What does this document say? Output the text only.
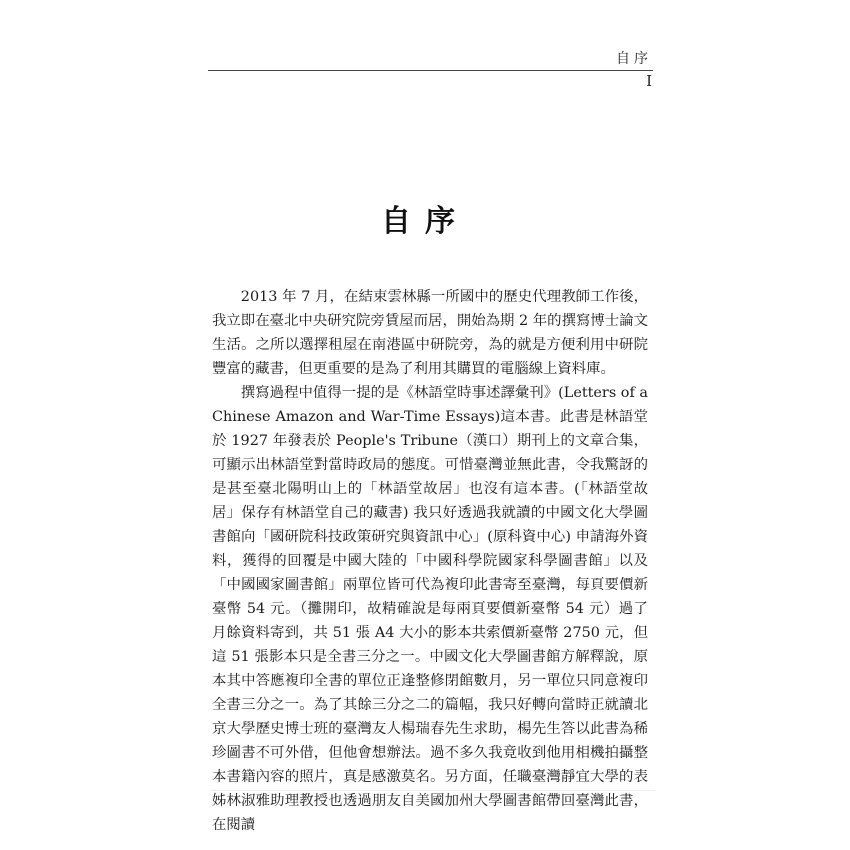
自序
I
自序

2013 年 7 月，在結束雲林縣一所國中的歷史代理教師工作後，我立即在臺北中央研究院旁賃屋而居，開始為期 2 年的撰寫博士論文生活。之所以選擇租屋在南港區中研院旁，為的就是方便利用中研院豐富的藏書，但更重要的是為了利用其購買的電腦線上資料庫。

撰寫過程中值得一提的是《林語堂時事述譯彙刊》(Letters of a Chinese Amazon and War-Time Essays)這本書。此書是林語堂於 1927 年發表於 People's Tribune（漢口）期刊上的文章合集，可顯示出林語堂對當時政局的態度。可惜臺灣並無此書，令我驚訝的是甚至臺北陽明山上的「林語堂故居」也沒有這本書。(「林語堂故居」保存有林語堂自己的藏書) 我只好透過我就讀的中國文化大學圖書館向「國研院科技政策研究與資訊中心」(原科資中心) 申請海外資料，獲得的回覆是中國大陸的「中國科學院國家科學圖書館」以及「中國國家圖書館」兩單位皆可代為複印此書寄至臺灣，每頁要價新臺幣 54 元。（攤開印，故精確說是每兩頁要價新臺幣 54 元）過了月餘資料寄到，共 51 張 A4 大小的影本共索價新臺幣 2750 元，但這 51 張影本只是全書三分之一。中國文化大學圖書館方解釋說，原本其中答應複印全書的單位正逢整修閉館數月，另一單位只同意複印全書三分之一。為了其餘三分之二的篇幅，我只好轉向當時正就讀北京大學歷史博士班的臺灣友人楊瑞春先生求助，楊先生答以此書為稀珍圖書不可外借，但他會想辦法。過不多久我竟收到他用相機拍攝整本書籍內容的照片，真是感激莫名。另方面，任職臺灣靜宜大學的表姊林淑雅助理教授也透過朋友自美國加州大學圖書館帶回臺灣此書，在閱讀
